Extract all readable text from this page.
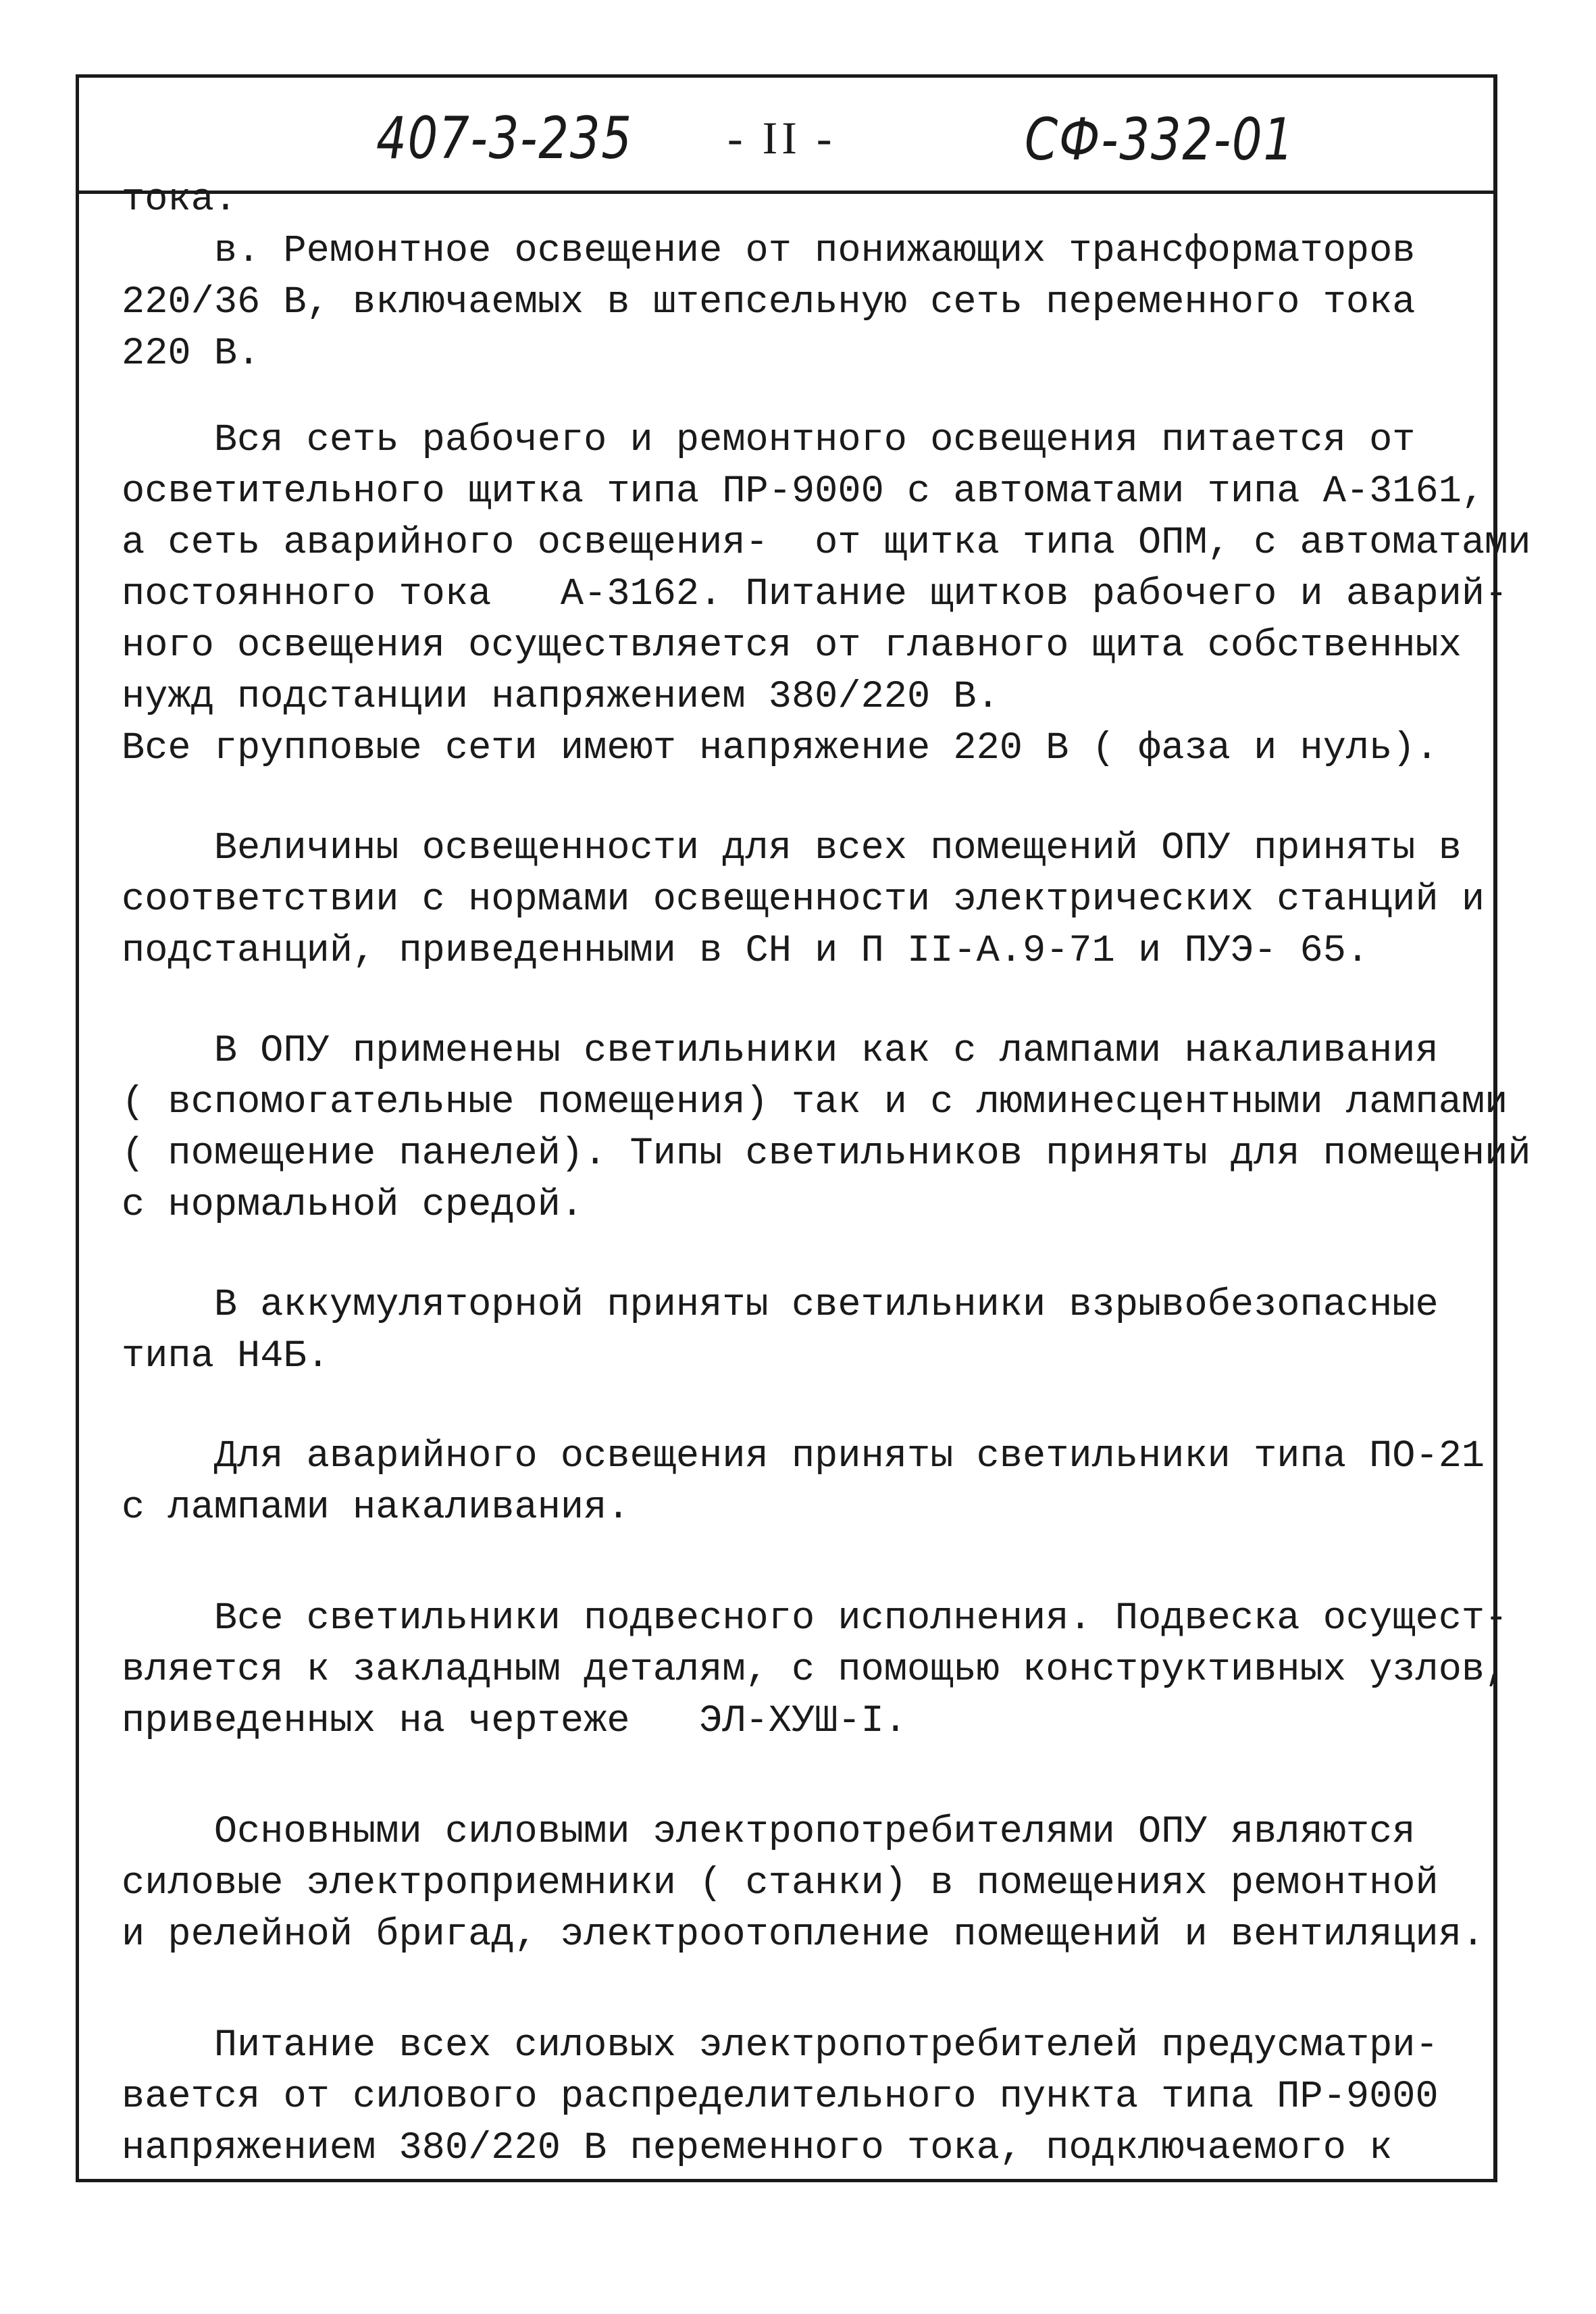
407-3-235 - II -	СФ-332-01
тока.
в. Ремонтное освещение от понижающих трансформаторов
220/36 В, включаемых в штепсельную сеть переменного тока
220 В.
Вся сеть рабочего и ремонтного освещения питается от
осветительного щитка типа ПР-9000 с автоматами типа А-3161,
а сеть аварийного освещения-  от щитка типа ОПМ, с автоматами
постоянного тока   А-3162. Питание щитков рабочего и аварий-
ного освещения осуществляется от главного щита собственных
нужд подстанции напряжением 380/220 В.
Все групповые сети имеют напряжение 220 В ( фаза и нуль).
Величины освещенности для всех помещений ОПУ приняты в
соответствии с нормами освещенности электрических станций и
подстанций, приведенными в СН и П II-А.9-71 и ПУЭ- 65.
В ОПУ применены светильники как с лампами накаливания
( вспомогательные помещения) так и с люминесцентными лампами
( помещение панелей). Типы светильников приняты для помещений
с нормальной средой.
В аккумуляторной приняты светильники взрывобезопасные
типа Н4Б.
Для аварийного освещения приняты светильники типа ПО-21
с лампами накаливания.
Все светильники подвесного исполнения. Подвеска осущест-
вляется к закладным деталям, с помощью конструктивных узлов,
приведенных на чертеже   ЭЛ-ХУШ-I.
Основными силовыми электропотребителями ОПУ являются
силовые электроприемники ( станки) в помещениях ремонтной
и релейной бригад, электроотопление помещений и вентиляция.
Питание всех силовых электропотребителей предусматри-
вается от силового распределительного пункта типа ПР-9000
напряжением 380/220 В переменного тока, подключаемого к
